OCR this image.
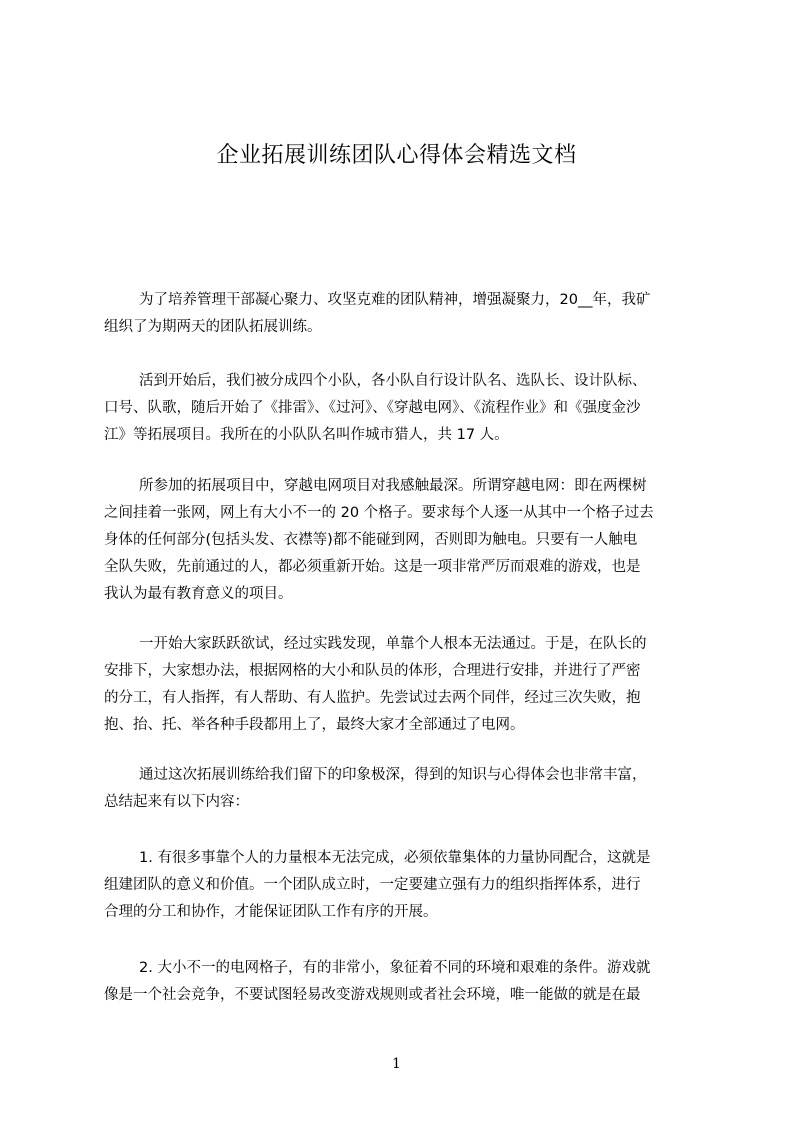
企业拓展训练团队心得体会精选文档
为了培养管理干部凝心聚力、攻坚克难的团队精神，增强凝聚力，20__年，我矿
组织了为期两天的团队拓展训练。
活到开始后，我们被分成四个小队，各小队自行设计队名、选队长、设计队标、
口号、队歌，随后开始了《排雷》、《过河》、《穿越电网》、《流程作业》和《强度金沙
江》等拓展项目。我所在的小队队名叫作城市猎人，共 17 人。
所参加的拓展项目中，穿越电网项目对我感触最深。所谓穿越电网：即在两棵树
之间挂着一张网，网上有大小不一的 20 个格子。要求每个人逐一从其中一个格子过去
身体的任何部分(包括头发、衣襟等)都不能碰到网，否则即为触电。只要有一人触电
全队失败，先前通过的人，都必须重新开始。这是一项非常严厉而艰难的游戏，也是
我认为最有教育意义的项目。
一开始大家跃跃欲试，经过实践发现，单靠个人根本无法通过。于是，在队长的
安排下，大家想办法，根据网格的大小和队员的体形，合理进行安排，并进行了严密
的分工，有人指挥，有人帮助、有人监护。先尝试过去两个同伴，经过三次失败，抱
抱、抬、托、举各种手段都用上了，最终大家才全部通过了电网。
通过这次拓展训练给我们留下的印象极深，得到的知识与心得体会也非常丰富，
总结起来有以下内容：
1. 有很多事靠个人的力量根本无法完成，必须依靠集体的力量协同配合，这就是
组建团队的意义和价值。一个团队成立时，一定要建立强有力的组织指挥体系，进行
合理的分工和协作，才能保证团队工作有序的开展。
2. 大小不一的电网格子，有的非常小，象征着不同的环境和艰难的条件。游戏就
像是一个社会竞争，不要试图轻易改变游戏规则或者社会环境，唯一能做的就是在最
1
